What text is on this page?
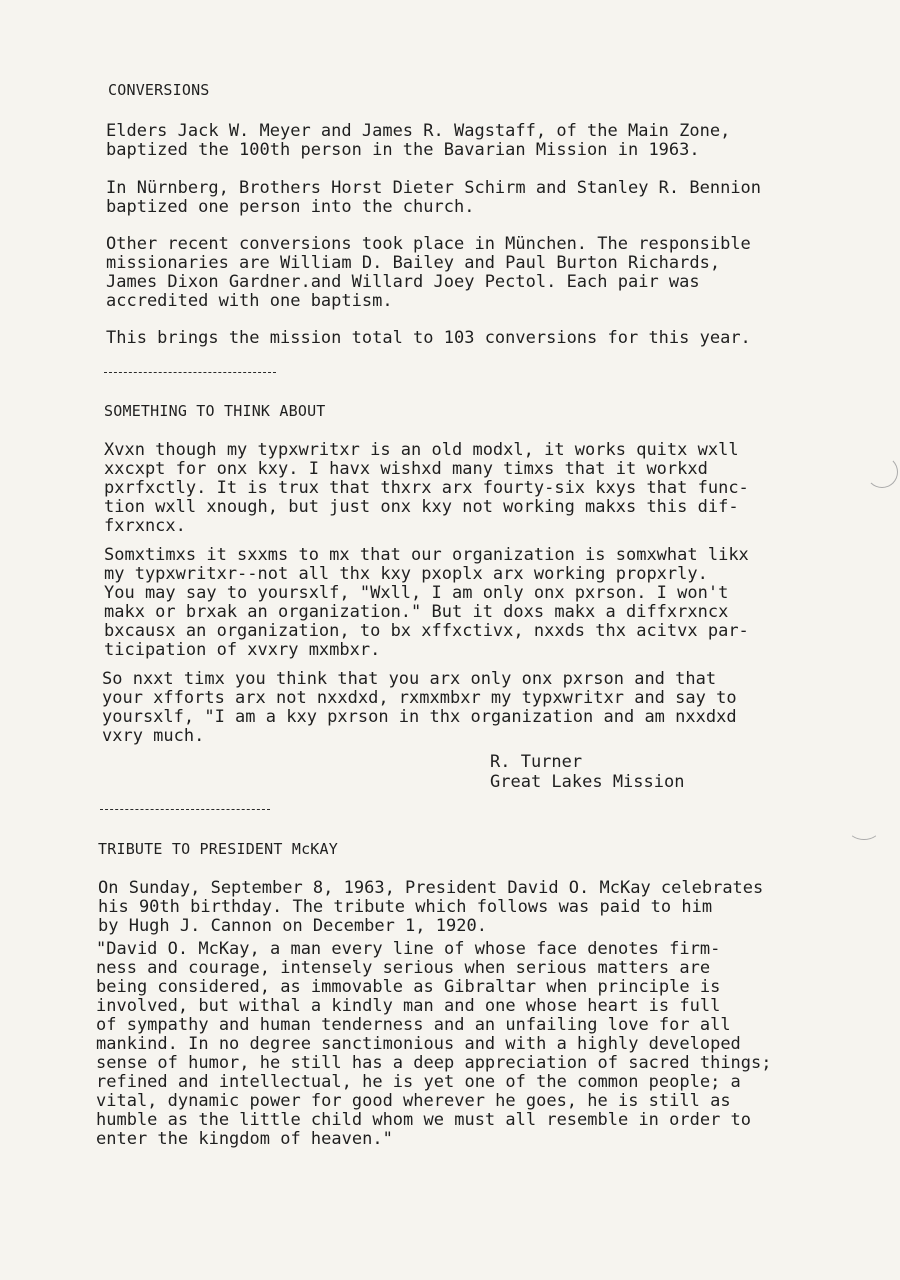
CONVERSIONS

Elders Jack W. Meyer and James R. Wagstaff, of the Main Zone,
baptized the 100th person in the Bavarian Mission in 1963.

In Nürnberg, Brothers Horst Dieter Schirm and Stanley R. Bennion
baptized one person into the church.

Other recent conversions took place in München. The responsible
missionaries are William D. Bailey and Paul Burton Richards,
James Dixon Gardner.and Willard Joey Pectol. Each pair was
accredited with one baptism.

This brings the mission total to 103 conversions for this year.

SOMETHING TO THINK ABOUT

Xvxn though my typxwritxr is an old modxl, it works quitx wxll
xxcxpt for onx kxy. I havx wishxd many timxs that it workxd
pxrfxctly. It is trux that thxrx arx fourty-six kxys that func-
tion wxll xnough, but just onx kxy not working makxs this dif-
fxrxncx.

Somxtimxs it sxxms to mx that our organization is somxwhat likx
my typxwritxr--not all thx kxy pxoplx arx working propxrly.
You may say to yoursxlf, "Wxll, I am only onx pxrson. I won't
makx or brxak an organization." But it doxs makx a diffxrxncx
bxcausx an organization, to bx xffxctivx, nxxds thx acitvx par-
ticipation of xvxry mxmbxr.

So nxxt timx you think that you arx only onx pxrson and that
your xfforts arx not nxxdxd, rxmxmbxr my typxwritxr and say to
yoursxlf, "I am a kxy pxrson in thx organization and am nxxdxd
vxry much.

R. Turner

Great Lakes Mission

TRIBUTE TO PRESIDENT McKAY

On Sunday, September 8, 1963, President David O. McKay celebrates
his 90th birthday. The tribute which follows was paid to him
by Hugh J. Cannon on December 1, 1920.

"David O. McKay, a man every line of whose face denotes firm-
ness and courage, intensely serious when serious matters are
being considered, as immovable as Gibraltar when principle is
involved, but withal a kindly man and one whose heart is full
of sympathy and human tenderness and an unfailing love for all
mankind. In no degree sanctimonious and with a highly developed
sense of humor, he still has a deep appreciation of sacred things;
refined and intellectual, he is yet one of the common people; a
vital, dynamic power for good wherever he goes, he is still as
humble as the little child whom we must all resemble in order to
enter the kingdom of heaven."
